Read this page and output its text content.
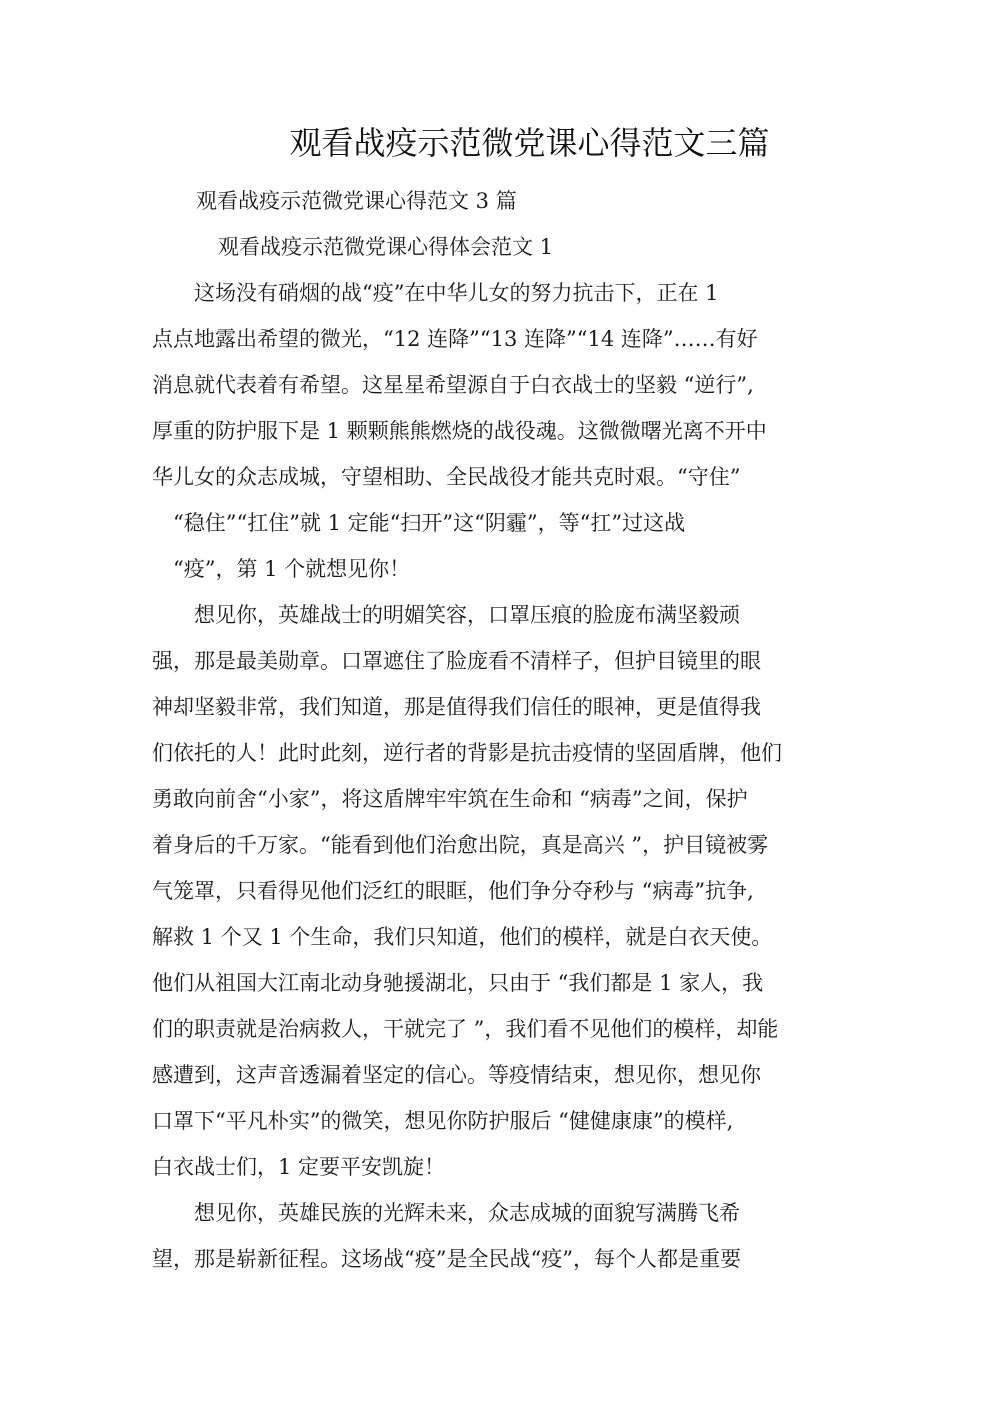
观看战疫示范微党课心得范文三篇
观看战疫示范微党课心得范文 3 篇
观看战疫示范微党课心得体会范文 1
　　这场没有硝烟的战“疫”在中华儿女的努力抗击下，正在 1
点点地露出希望的微光，“12 连降”“13 连降”“14 连降”……有好
消息就代表着有希望。这星星希望源自于白衣战士的坚毅 “逆行”,
厚重的防护服下是 1 颗颗熊熊燃烧的战役魂。这微微曙光离不开中
华儿女的众志成城，守望相助、全民战役才能共克时艰。“守住”
　“稳住”“扛住”就 1 定能“扫开”这“阴霾”，等“扛”过这战
　“疫”，第 1 个就想见你！
　　想见你，英雄战士的明媚笑容，口罩压痕的脸庞布满坚毅顽
强，那是最美勋章。口罩遮住了脸庞看不清样子，但护目镜里的眼
神却坚毅非常，我们知道，那是值得我们信任的眼神，更是值得我
们依托的人！此时此刻，逆行者的背影是抗击疫情的坚固盾牌，他们
勇敢向前舍“小家”，将这盾牌牢牢筑在生命和 “病毒”之间，保护
着身后的千万家。“能看到他们治愈出院，真是高兴 ”，护目镜被雾
气笼罩，只看得见他们泛红的眼眶，他们争分夺秒与 “病毒”抗争,
解救 1 个又 1 个生命，我们只知道，他们的模样，就是白衣天使。
他们从祖国大江南北动身驰援湖北，只由于 “我们都是 1 家人，我
们的职责就是治病救人，干就完了 ”，我们看不见他们的模样，却能
感遭到，这声音透漏着坚定的信心。等疫情结束，想见你，想见你
口罩下“平凡朴实”的微笑，想见你防护服后 “健健康康”的模样,
白衣战士们，1 定要平安凯旋！
　　想见你，英雄民族的光辉未来，众志成城的面貌写满腾飞希
望，那是崭新征程。这场战“疫”是全民战“疫”，每个人都是重要
